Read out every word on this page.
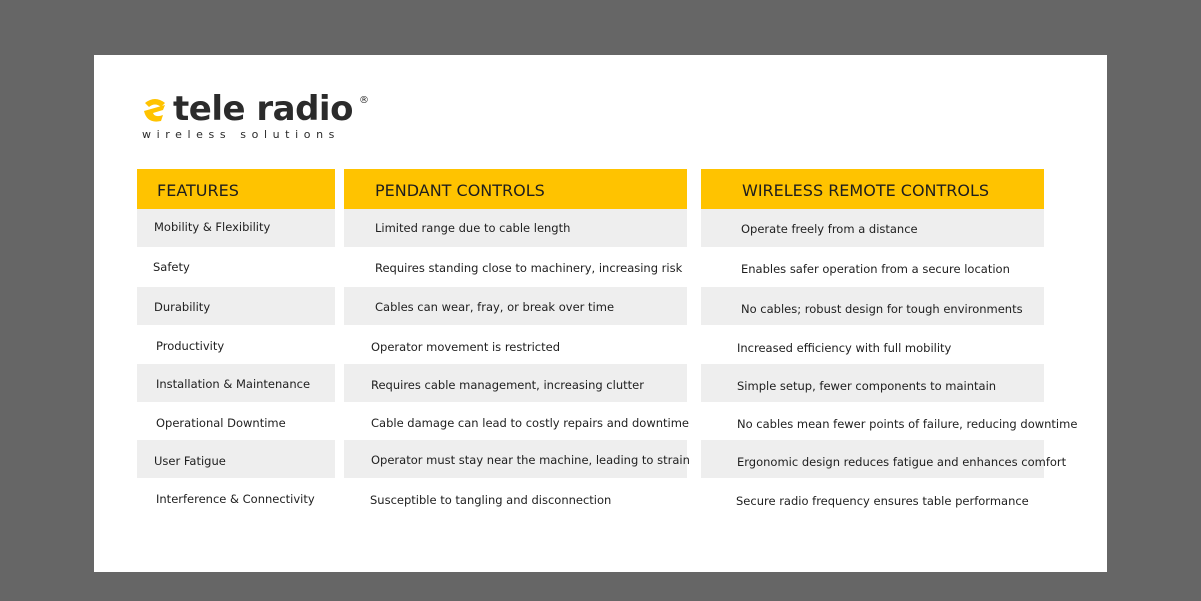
tele radio ®
wireless solutions
FEATURES	PENDANT CONTROLS	WIRELESS REMOTE CONTROLS
Mobility & Flexibility	Limited range due to cable length	Operate freely from a distance
Safety	Requires standing close to machinery, increasing risk	Enables safer operation from a secure location
Durability	Cables can wear, fray, or break over time	No cables; robust design for tough environments
Productivity	Operator movement is restricted	Increased efficiency with full mobility
Installation & Maintenance	Requires cable management, increasing clutter	Simple setup, fewer components to maintain
Operational Downtime	Cable damage can lead to costly repairs and downtime	No cables mean fewer points of failure, reducing downtime
User Fatigue	Operator must stay near the machine, leading to strain	Ergonomic design reduces fatigue and enhances comfort
Interference & Connectivity	Susceptible to tangling and disconnection	Secure radio frequency ensures table performance
